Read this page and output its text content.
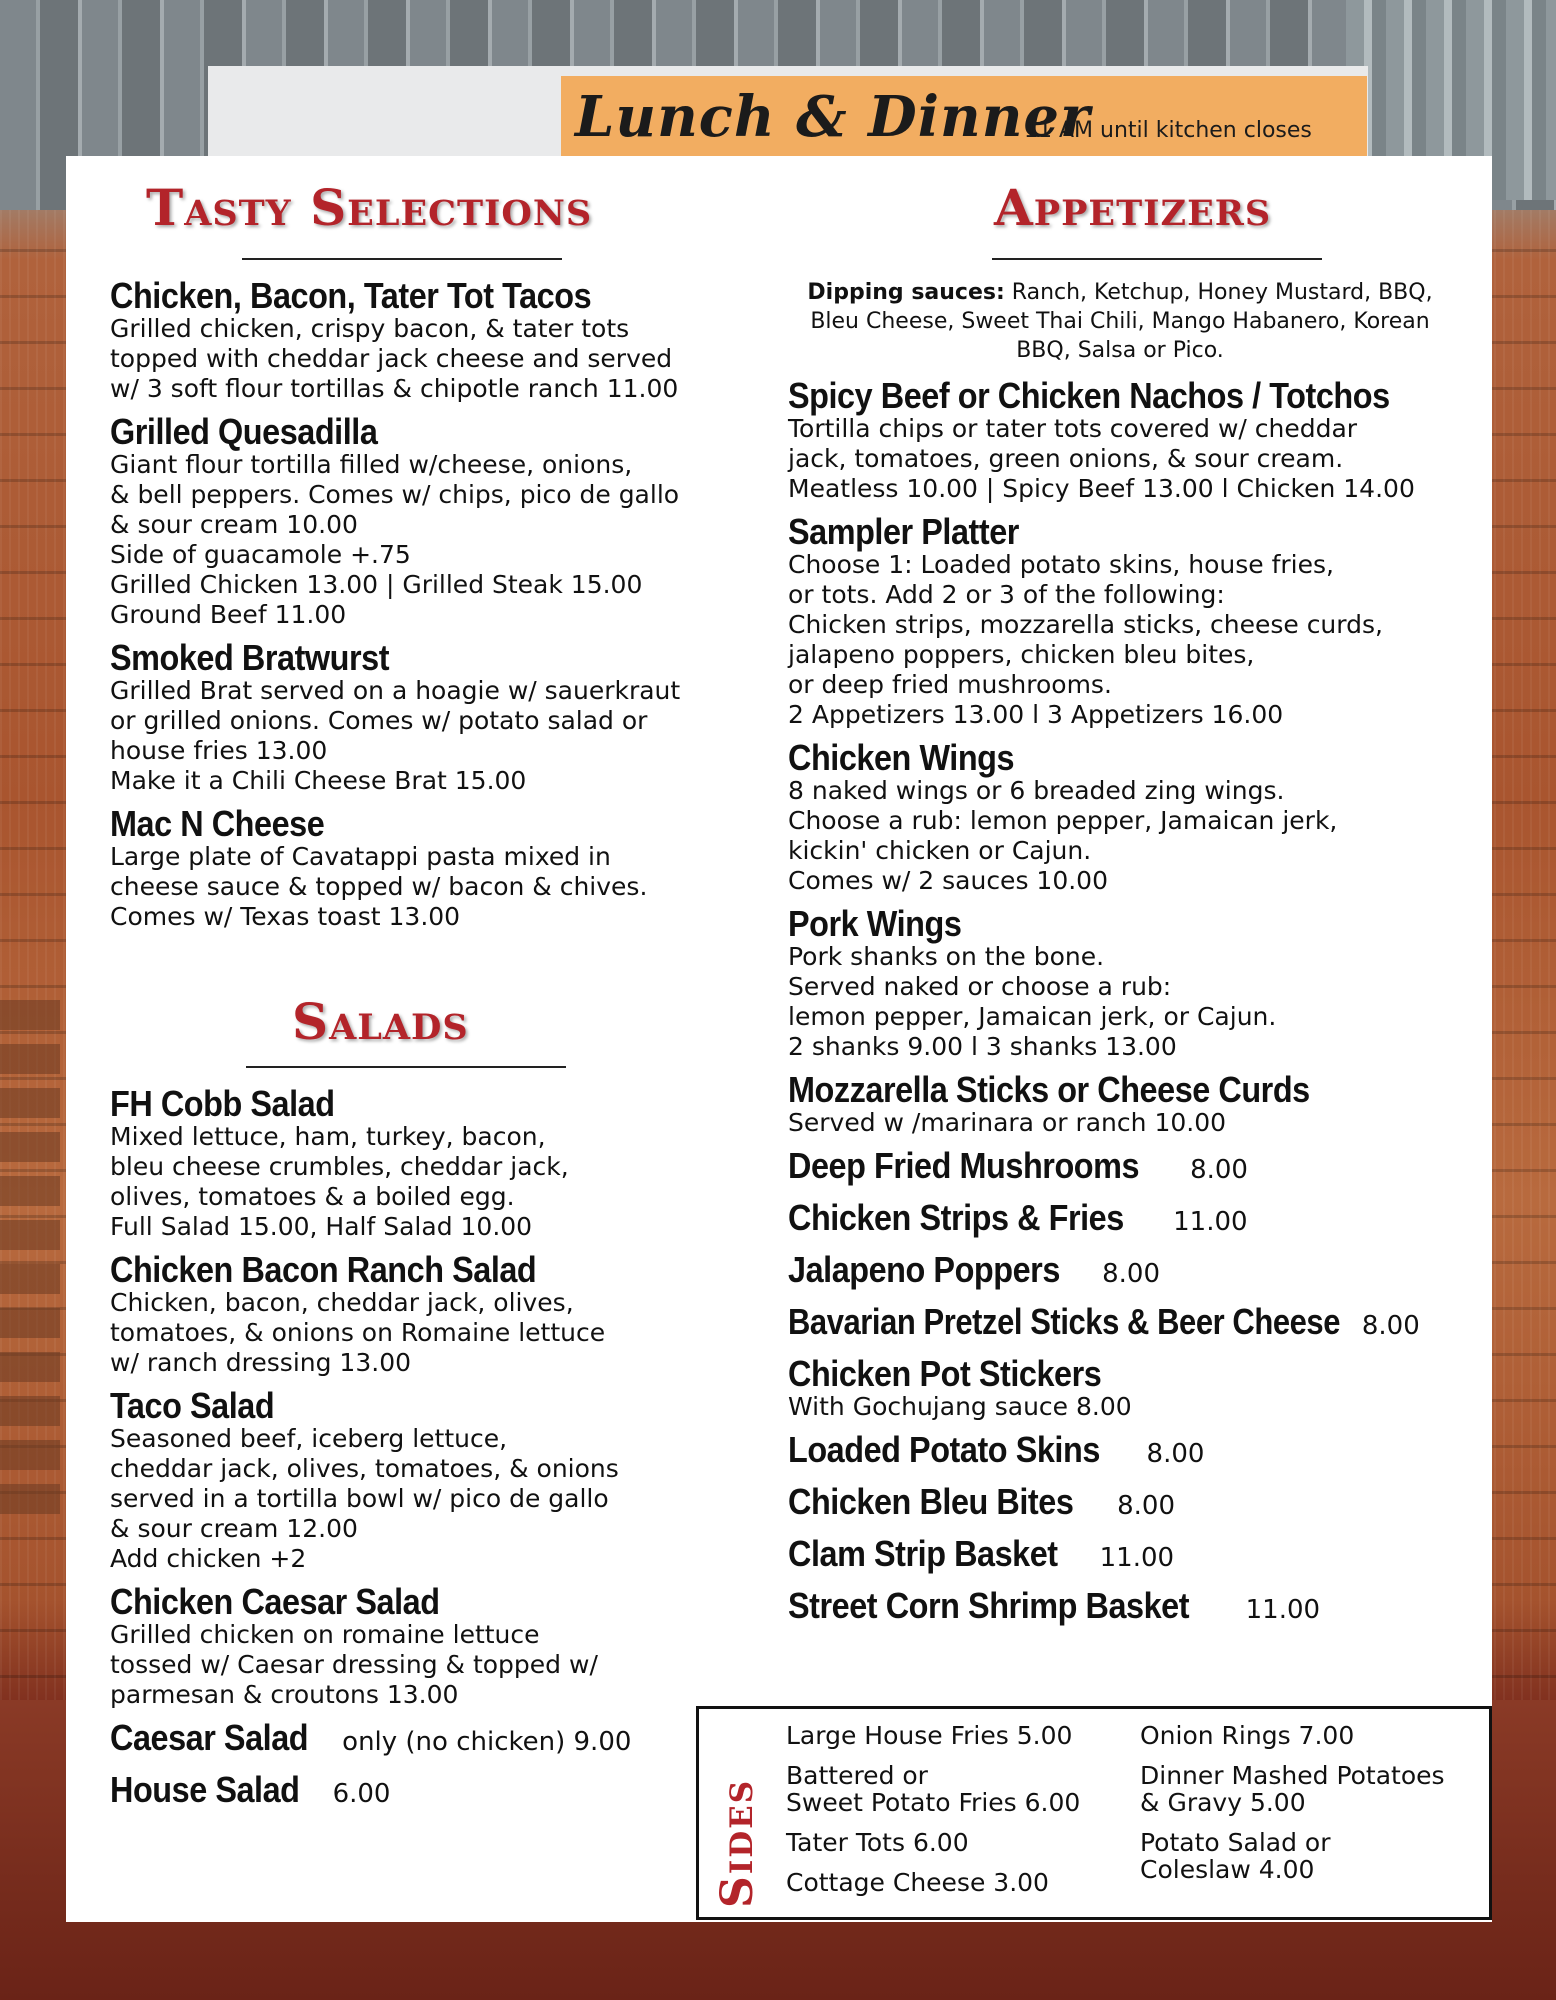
Lunch & Dinner
11 AM until kitchen closes
Tasty Selections
Chicken, Bacon, Tater Tot Tacos
Grilled chicken, crispy bacon, & tater tots
topped with cheddar jack cheese and served
w/ 3 soft flour tortillas & chipotle ranch 11.00
Grilled Quesadilla
Giant flour tortilla filled w/cheese, onions,
& bell peppers. Comes w/ chips, pico de gallo
& sour cream 10.00
Side of guacamole +.75
Grilled Chicken 13.00 | Grilled Steak 15.00
Ground Beef 11.00
Smoked Bratwurst
Grilled Brat served on a hoagie w/ sauerkraut
or grilled onions. Comes w/ potato salad or
house fries 13.00
Make it a Chili Cheese Brat 15.00
Mac N Cheese
Large plate of Cavatappi pasta mixed in
cheese sauce & topped w/ bacon & chives.
Comes w/ Texas toast 13.00
Salads
FH Cobb Salad
Mixed lettuce, ham, turkey, bacon,
bleu cheese crumbles, cheddar jack,
olives, tomatoes & a boiled egg.
Full Salad 15.00, Half Salad 10.00
Chicken Bacon Ranch Salad
Chicken, bacon, cheddar jack, olives,
tomatoes, & onions on Romaine lettuce
w/ ranch dressing 13.00
Taco Salad
Seasoned beef, iceberg lettuce,
cheddar jack, olives, tomatoes, & onions
served in a tortilla bowl w/ pico de gallo
& sour cream 12.00
Add chicken +2
Chicken Caesar Salad
Grilled chicken on romaine lettuce
tossed w/ Caesar dressing & topped w/
parmesan & croutons 13.00
Caesar Salad only (no chicken) 9.00
House Salad 6.00
Appetizers
Dipping sauces: Ranch, Ketchup, Honey Mustard, BBQ, Bleu Cheese, Sweet Thai Chili, Mango Habanero, Korean BBQ, Salsa or Pico.
Spicy Beef or Chicken Nachos / Totchos
Tortilla chips or tater tots covered w/ cheddar
jack, tomatoes, green onions, & sour cream.
Meatless 10.00 | Spicy Beef 13.00 l Chicken 14.00
Sampler Platter
Choose 1: Loaded potato skins, house fries,
or tots. Add 2 or 3 of the following:
Chicken strips, mozzarella sticks, cheese curds,
jalapeno poppers, chicken bleu bites,
or deep fried mushrooms.
2 Appetizers 13.00 l 3 Appetizers 16.00
Chicken Wings
8 naked wings or 6 breaded zing wings.
Choose a rub: lemon pepper, Jamaican jerk,
kickin' chicken or Cajun.
Comes w/ 2 sauces 10.00
Pork Wings
Pork shanks on the bone.
Served naked or choose a rub:
lemon pepper, Jamaican jerk, or Cajun.
2 shanks 9.00 l 3 shanks 13.00
Mozzarella Sticks or Cheese Curds
Served w /marinara or ranch 10.00
Deep Fried Mushrooms 8.00
Chicken Strips & Fries 11.00
Jalapeno Poppers 8.00
Bavarian Pretzel Sticks & Beer Cheese 8.00
Chicken Pot Stickers
With Gochujang sauce 8.00
Loaded Potato Skins 8.00
Chicken Bleu Bites 8.00
Clam Strip Basket 11.00
Street Corn Shrimp Basket 11.00
Sides
Large House Fries 5.00
Battered or
Sweet Potato Fries 6.00
Tater Tots 6.00
Cottage Cheese 3.00
Onion Rings 7.00
Dinner Mashed Potatoes
& Gravy 5.00
Potato Salad or
Coleslaw 4.00
